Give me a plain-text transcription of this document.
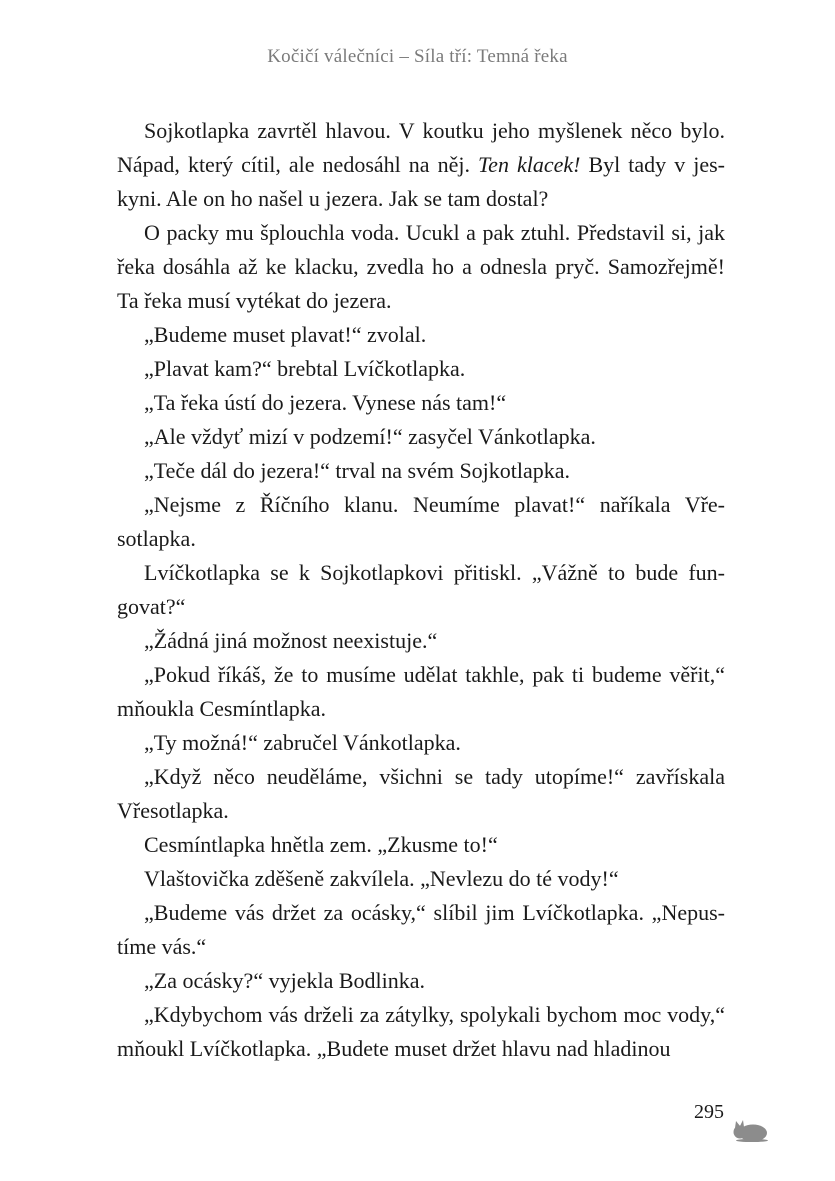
Kočičí válečníci – Síla tří: Temná řeka

Sojkotlapka zavrtěl hlavou. V koutku jeho myšlenek něco bylo. Nápad, který cítil, ale nedosáhl na něj. Ten klacek! Byl tady v jeskyni. Ale on ho našel u jezera. Jak se tam dostal?

O packy mu šplouchla voda. Ucukl a pak ztuhl. Představil si, jak řeka dosáhla až ke klacku, zvedla ho a odnesla pryč. Samozřejmě! Ta řeka musí vytékat do jezera.

„Budeme muset plavat!“ zvolal.

„Plavat kam?“ brebtal Lvíčkotlapka.

„Ta řeka ústí do jezera. Vynese nás tam!“

„Ale vždyť mizí v podzemí!“ zasyčel Vánkotlapka.

„Teče dál do jezera!“ trval na svém Sojkotlapka.

„Nejsme z Říčního klanu. Neumíme plavat!“ naříkala Vřesotlapka.

Lvíčkotlapka se k Sojkotlapkovi přitiskl. „Vážně to bude fungovat?“

„Žádná jiná možnost neexistuje.“

„Pokud říkáš, že to musíme udělat takhle, pak ti budeme věřit,“ mňoukla Cesmíntlapka.

„Ty možná!“ zabručel Vánkotlapka.

„Když něco neuděláme, všichni se tady utopíme!“ zavřískala Vřesotlapka.

Cesmíntlapka hnětla zem. „Zkusme to!“

Vlaštovička zděšeně zakvílela. „Nevlezu do té vody!“

„Budeme vás držet za ocásky,“ slíbil jim Lvíčkotlapka. „Nepustíme vás.“

„Za ocásky?“ vyjekla Bodlinka.

„Kdybychom vás drželi za zátylky, spolykali bychom moc vody,“ mňoukl Lvíčkotlapka. „Budete muset držet hlavu nad hladinou

295
